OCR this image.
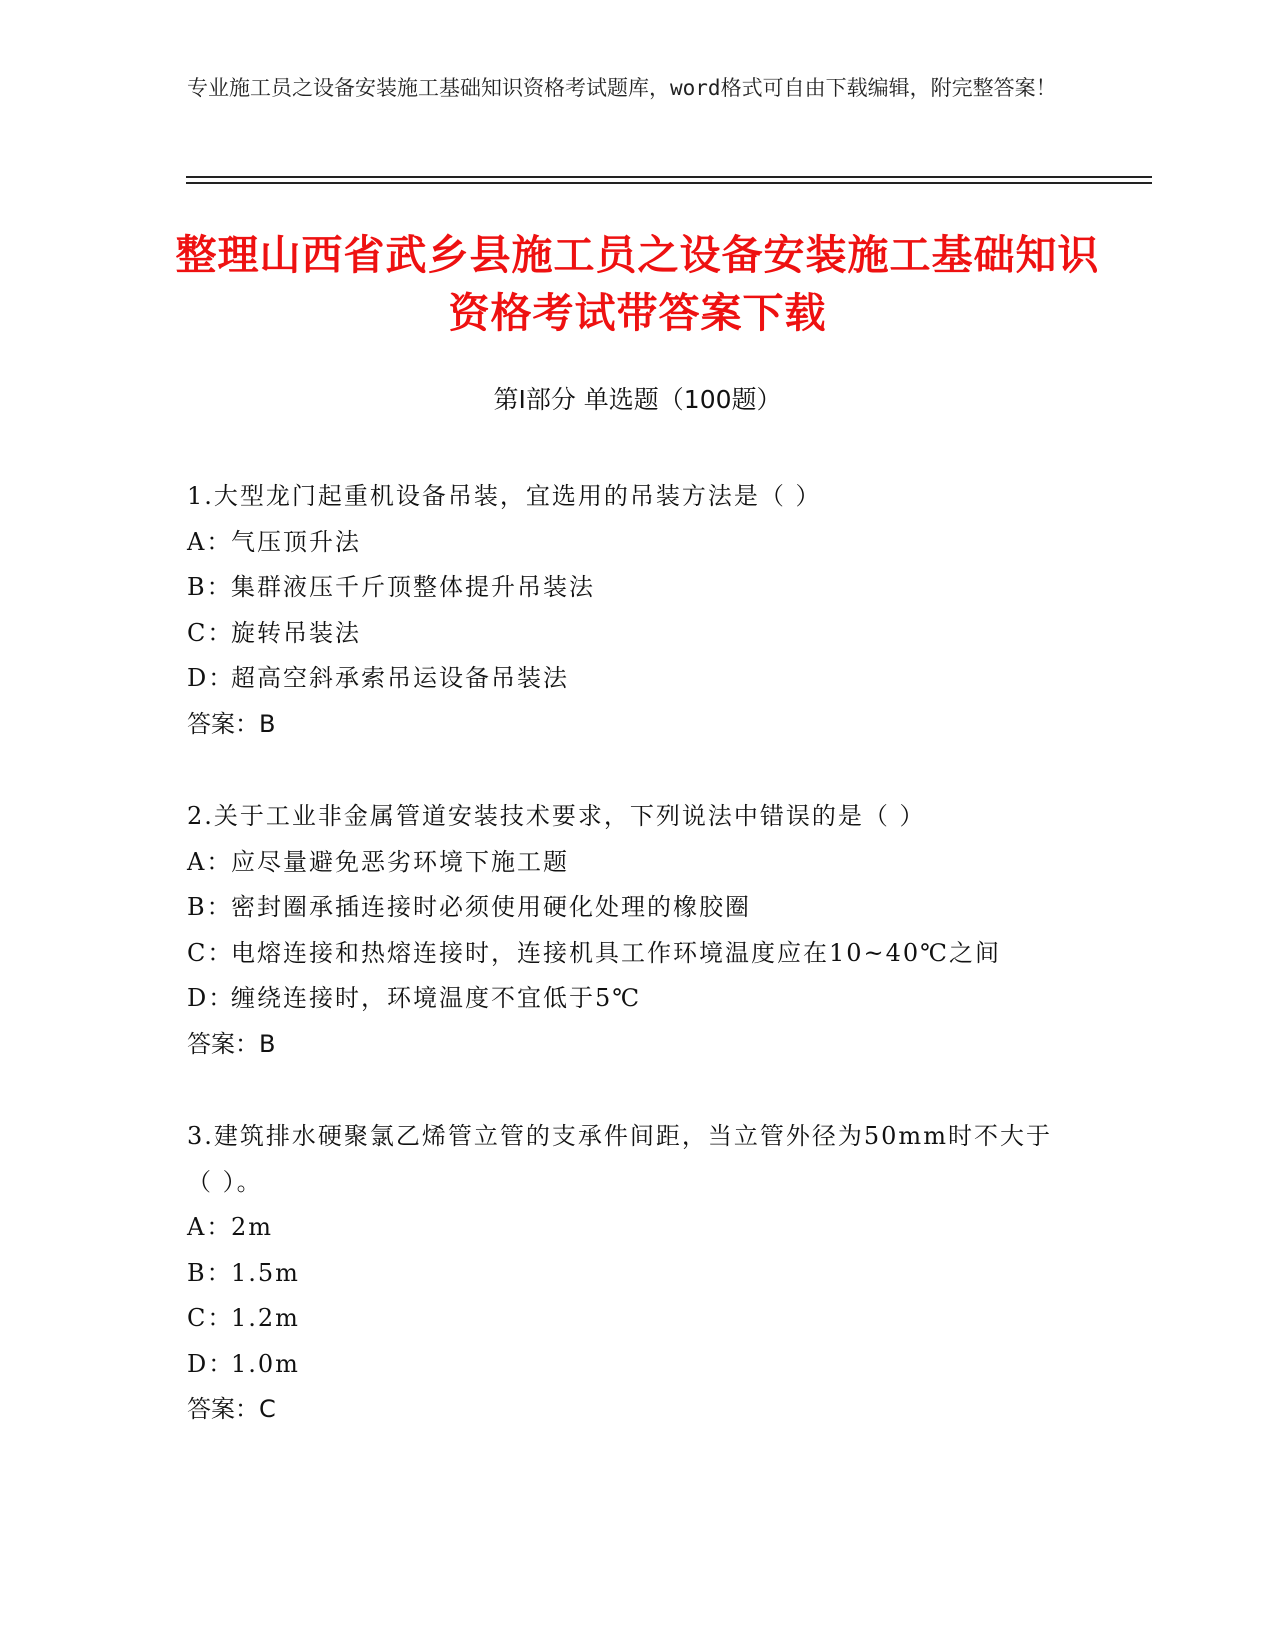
专业施工员之设备安装施工基础知识资格考试题库，word格式可自由下载编辑，附完整答案！
整理山西省武乡县施工员之设备安装施工基础知识资格考试带答案下载
第Ⅰ部分 单选题（100题）
1.大型龙门起重机设备吊装，宜选用的吊装方法是（ ）
A：气压顶升法
B：集群液压千斤顶整体提升吊装法
C：旋转吊装法
D：超高空斜承索吊运设备吊装法
答案：B
2.关于工业非金属管道安装技术要求，下列说法中错误的是（ ）
A：应尽量避免恶劣环境下施工题
B：密封圈承插连接时必须使用硬化处理的橡胶圈
C：电熔连接和热熔连接时，连接机具工作环境温度应在10~40℃之间
D：缠绕连接时，环境温度不宜低于5℃
答案：B
3.建筑排水硬聚氯乙烯管立管的支承件间距，当立管外径为50mm时不大于（ ）。
A：2m
B：1.5m
C：1.2m
D：1.0m
答案：C
